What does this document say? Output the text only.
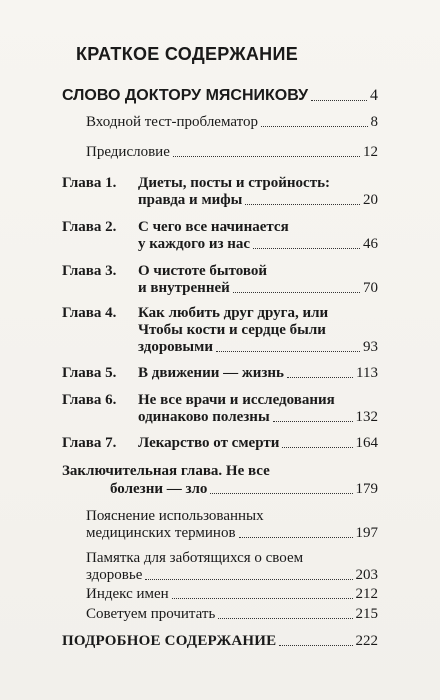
КРАТКОЕ СОДЕРЖАНИЕ
СЛОВО ДОКТОРУ МЯСНИКОВУ	4
Входной тест-проблематор	8
Предисловие	12
Глава 1. Диеты, посты и стройность:
правда и мифы	20
Глава 2. С чего все начинается
у каждого из нас	46
Глава 3. О чистоте бытовой
и внутренней	70
Глава 4. Как любить друг друга, или
Чтобы кости и сердце были
здоровыми	93
Глава 5. В движении — жизнь	113
Глава 6. Не все врачи и исследования
одинаково полезны	132
Глава 7. Лекарство от смерти	164
Заключительная глава. Не все
болезни — зло	179
Пояснение использованных
медицинских терминов	197
Памятка для заботящихся о своем
здоровье	203
Индекс имен	212
Советуем прочитать	215
ПОДРОБНОЕ СОДЕРЖАНИЕ	222
